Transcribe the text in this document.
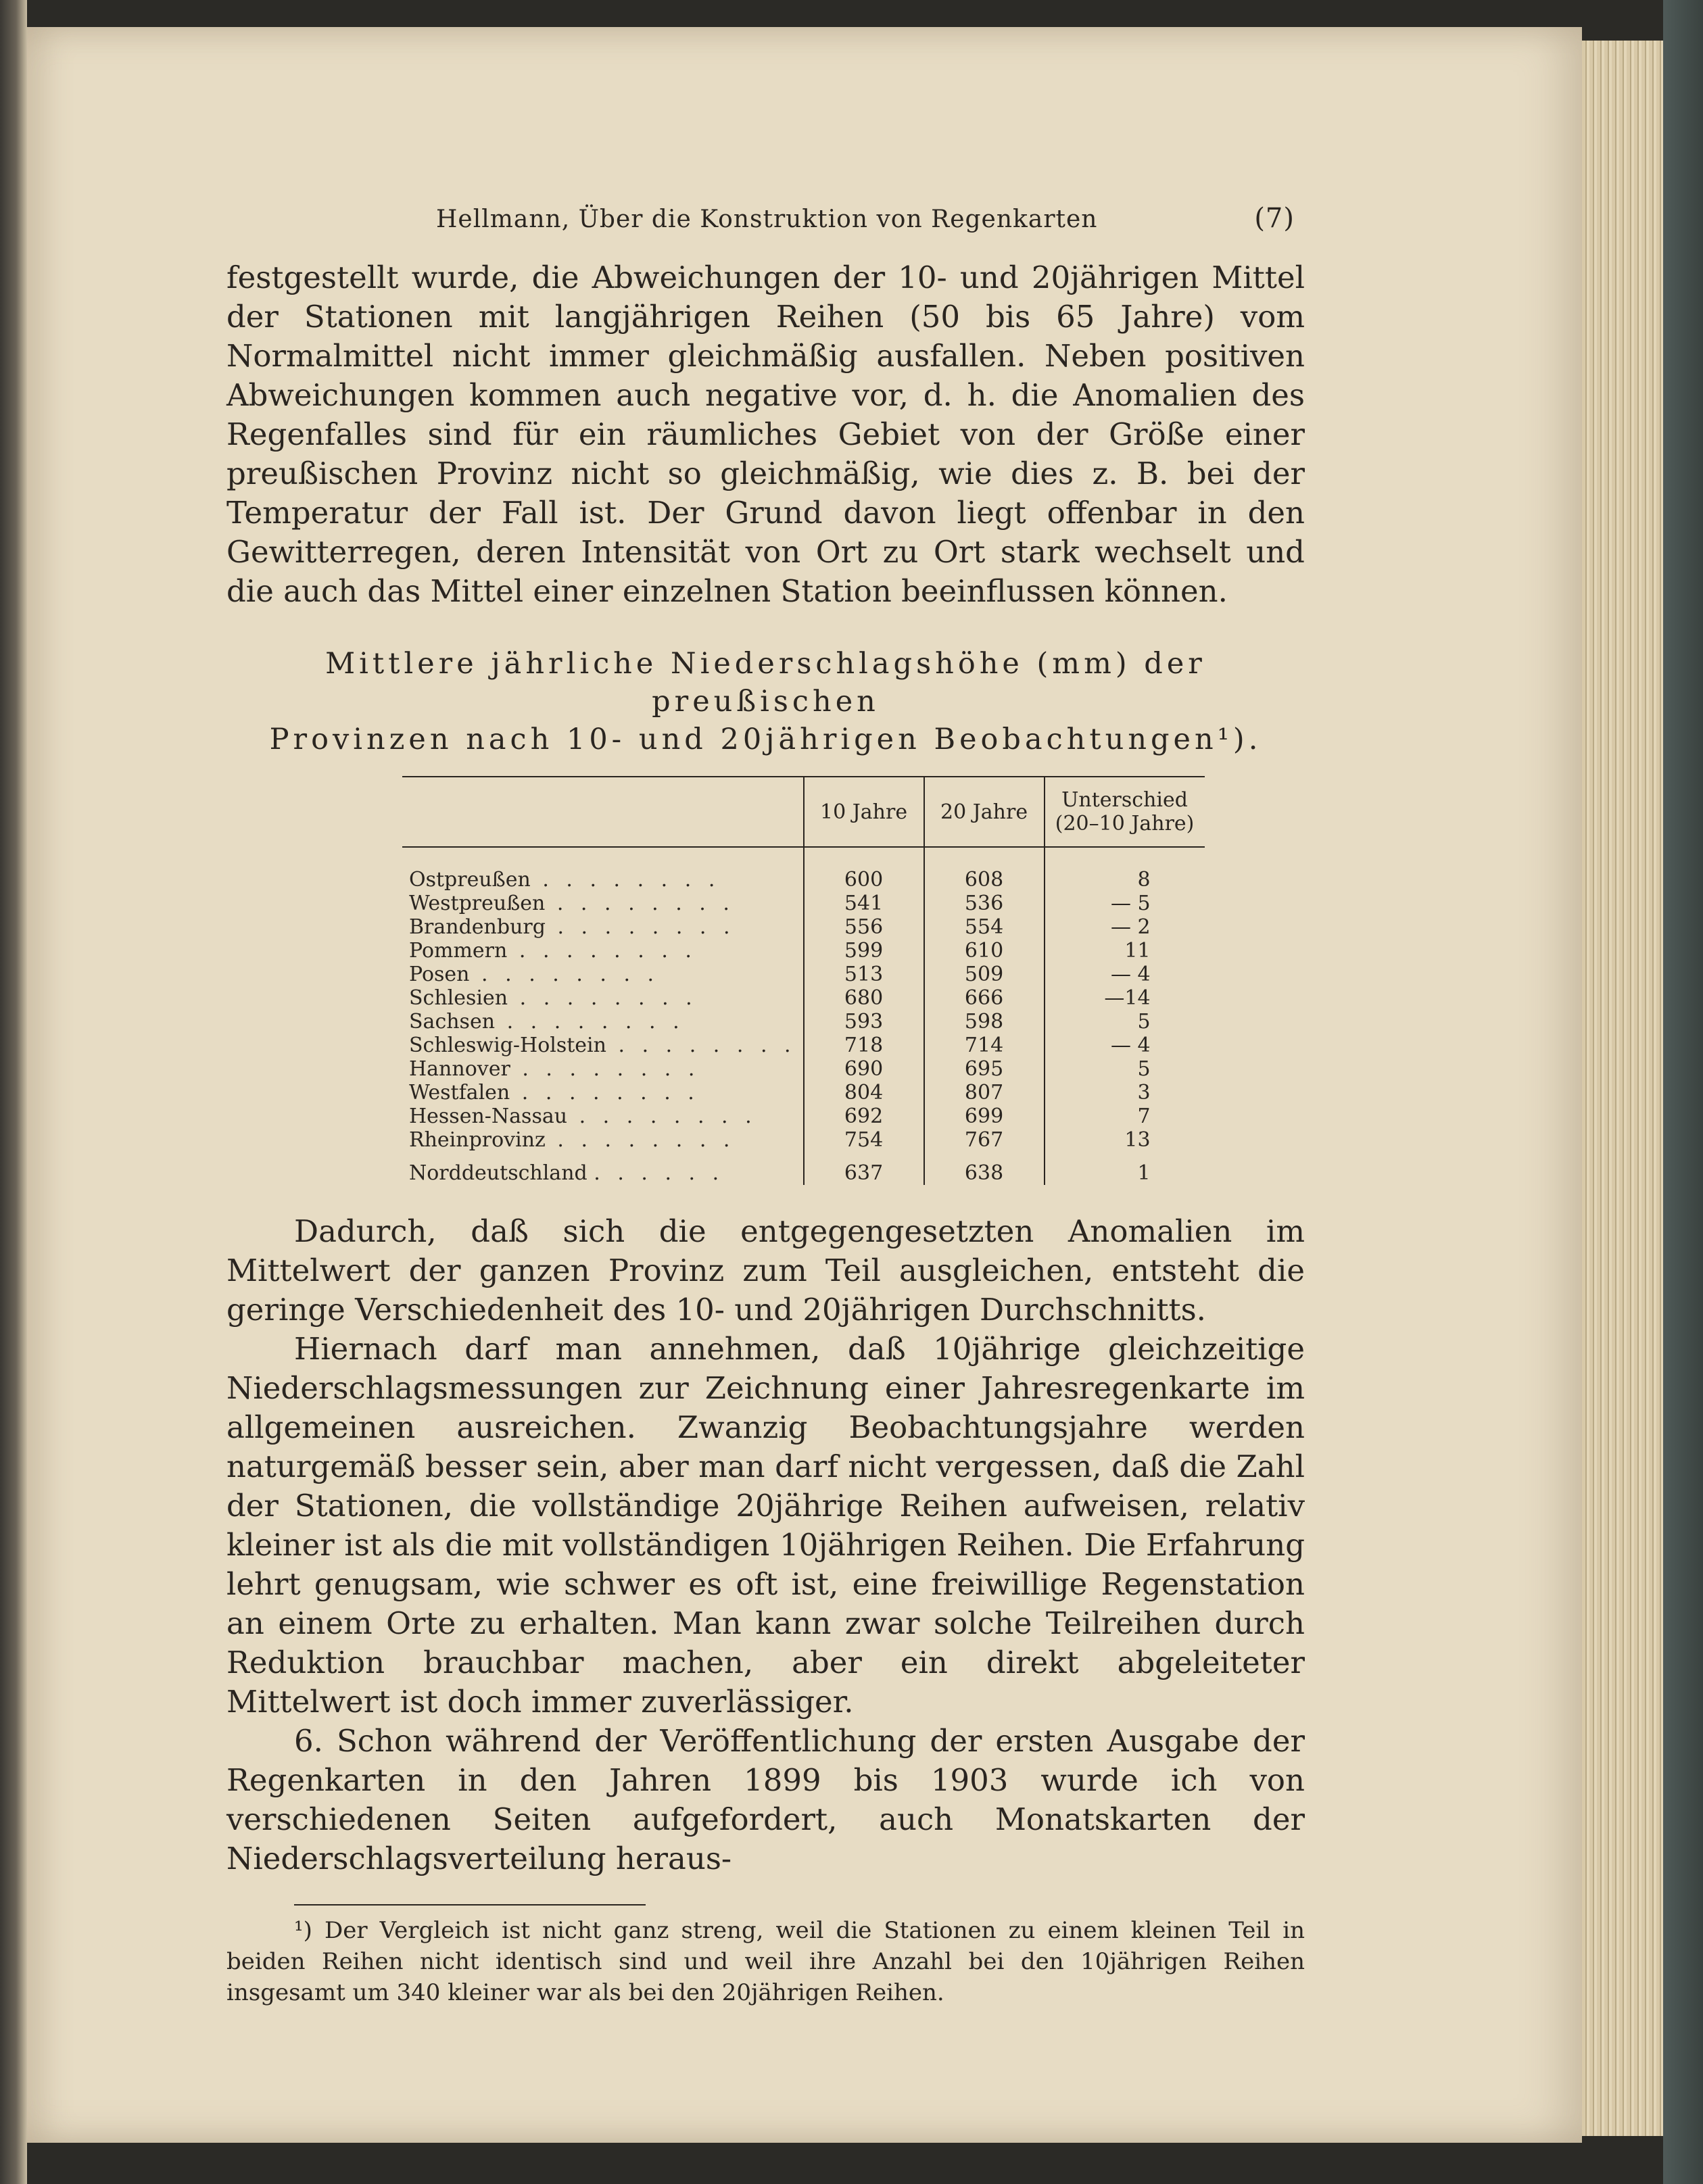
Hellmann, Über die Konstruktion von Regenkarten	(7)

festgestellt wurde, die Abweichungen der 10- und 20jährigen Mittel der Stationen mit langjährigen Reihen (50 bis 65 Jahre) vom Normalmittel nicht immer gleichmäßig ausfallen. Neben positiven Abweichungen kommen auch negative vor, d. h. die Anomalien des Regenfalles sind für ein räumliches Gebiet von der Größe einer preußischen Provinz nicht so gleichmäßig, wie dies z. B. bei der Temperatur der Fall ist. Der Grund davon liegt offenbar in den Gewitterregen, deren Intensität von Ort zu Ort stark wechselt und die auch das Mittel einer einzelnen Station beeinflussen können.

Mittlere jährliche Niederschlagshöhe (mm) der preußischen
Provinzen nach 10- und 20jährigen Beobachtungen¹).

	10 Jahre	20 Jahre	Unterschied
(20–10 Jahre)

Ostpreußen . . . . . . . .	600	608	8
Westpreußen . . . . . . . .	541	536	— 5
Brandenburg . . . . . . . .	556	554	— 2
Pommern . . . . . . . .	599	610	11
Posen . . . . . . . .	513	509	— 4
Schlesien . . . . . . . .	680	666	—14
Sachsen . . . . . . . .	593	598	5
Schleswig-Holstein . . . . . . . .	718	714	— 4
Hannover . . . . . . . .	690	695	5
Westfalen . . . . . . . .	804	807	3
Hessen-Nassau . . . . . . . .	692	699	7
Rheinprovinz . . . . . . . .	754	767	13
Norddeutschland . . . . . .	637	638	1

Dadurch, daß sich die entgegengesetzten Anomalien im Mittelwert der ganzen Provinz zum Teil ausgleichen, entsteht die geringe Verschiedenheit des 10- und 20jährigen Durchschnitts.

Hiernach darf man annehmen, daß 10jährige gleichzeitige Niederschlagsmessungen zur Zeichnung einer Jahresregenkarte im allgemeinen ausreichen. Zwanzig Beobachtungsjahre werden naturgemäß besser sein, aber man darf nicht vergessen, daß die Zahl der Stationen, die vollständige 20jährige Reihen aufweisen, relativ kleiner ist als die mit vollständigen 10jährigen Reihen. Die Erfahrung lehrt genugsam, wie schwer es oft ist, eine freiwillige Regenstation an einem Orte zu erhalten. Man kann zwar solche Teilreihen durch Reduktion brauchbar machen, aber ein direkt abgeleiteter Mittelwert ist doch immer zuverlässiger.

6. Schon während der Veröffentlichung der ersten Ausgabe der Regenkarten in den Jahren 1899 bis 1903 wurde ich von verschiedenen Seiten aufgefordert, auch Monatskarten der Niederschlagsverteilung heraus-

¹) Der Vergleich ist nicht ganz streng, weil die Stationen zu einem kleinen Teil in beiden Reihen nicht identisch sind und weil ihre Anzahl bei den 10jährigen Reihen insgesamt um 340 kleiner war als bei den 20jährigen Reihen.
